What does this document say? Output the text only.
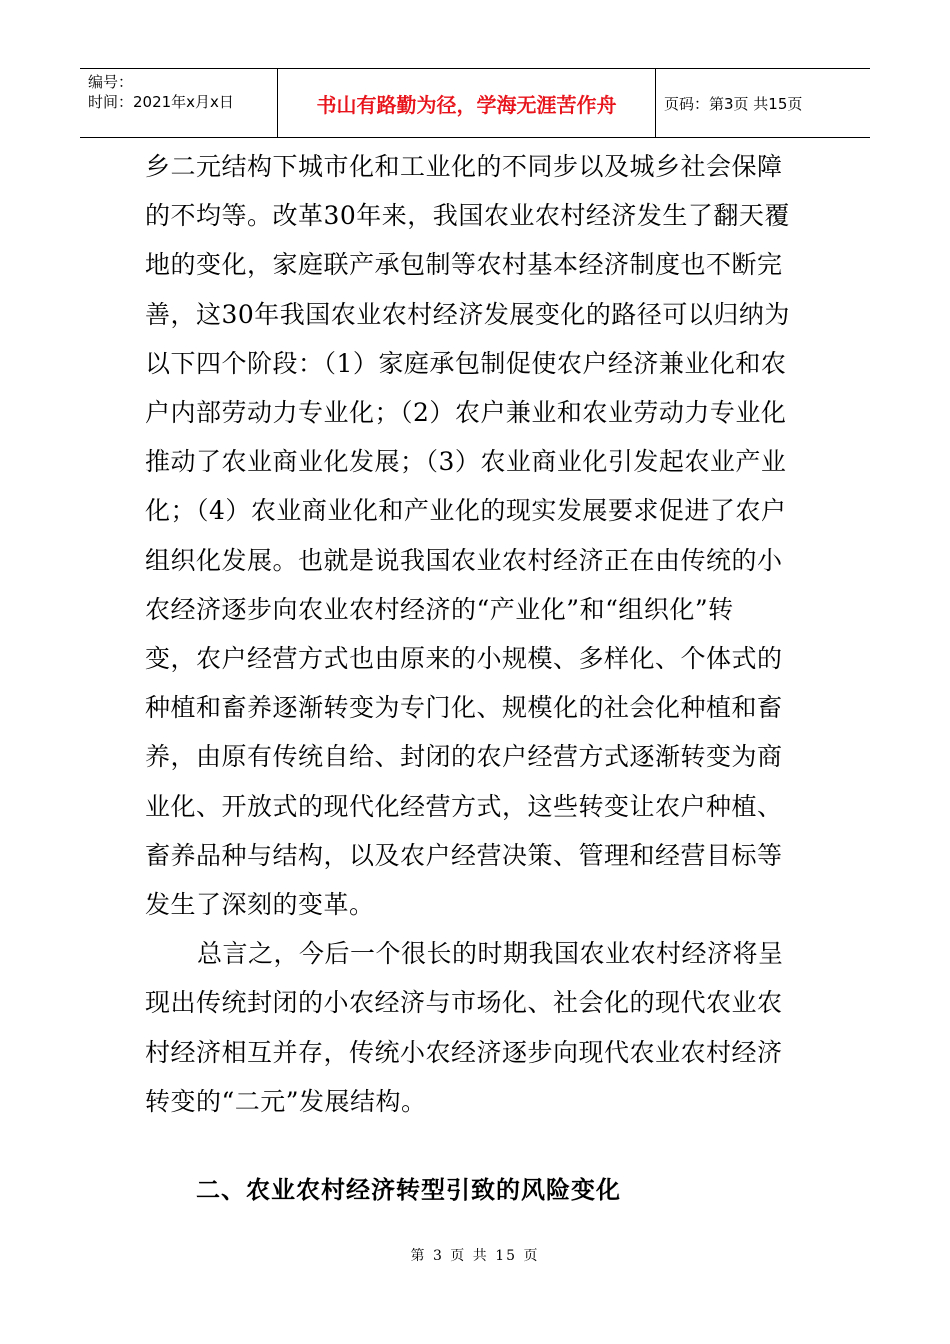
编号：
时间：2021年x月x日	书山有路勤为径，学海无涯苦作舟	页码：第3页 共15页

乡二元结构下城市化和工业化的不同步以及城乡社会保障

的不均等。改革30年来，我国农业农村经济发生了翻天覆

地的变化，家庭联产承包制等农村基本经济制度也不断完

善，这30年我国农业农村经济发展变化的路径可以归纳为

以下四个阶段：（1）家庭承包制促使农户经济兼业化和农

户内部劳动力专业化；（2）农户兼业和农业劳动力专业化

推动了农业商业化发展；（3）农业商业化引发起农业产业

化；（4）农业商业化和产业化的现实发展要求促进了农户

组织化发展。也就是说我国农业农村经济正在由传统的小

农经济逐步向农业农村经济的“产业化”和“组织化”转

变，农户经营方式也由原来的小规模、多样化、个体式的

种植和畜养逐渐转变为专门化、规模化的社会化种植和畜

养，由原有传统自给、封闭的农户经营方式逐渐转变为商

业化、开放式的现代化经营方式，这些转变让农户种植、

畜养品种与结构，以及农户经营决策、管理和经营目标等

发生了深刻的变革。

总言之，今后一个很长的时期我国农业农村经济将呈

现出传统封闭的小农经济与市场化、社会化的现代农业农

村经济相互并存，传统小农经济逐步向现代农业农村经济

转变的“二元”发展结构。

二、农业农村经济转型引致的风险变化
第 3 页 共 15 页
